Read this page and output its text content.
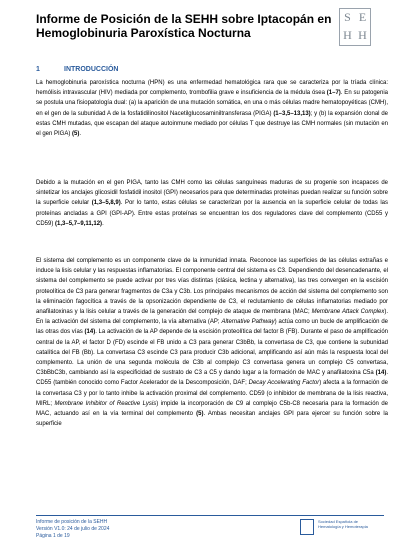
Informe de Posición de la SEHH sobre Iptacopán en Hemoglobinuria Paroxística Nocturna
S E
H H
1	INTRODUCCIÓN
La hemoglobinuria paroxística nocturna (HPN) es una enfermedad hematológica rara que se caracteriza por la tríada clínica: hemólisis intravascular (HIV) mediada por complemento, trombofilia grave e insuficiencia de la médula ósea (1–7). En su patogenia se postula una fisiopatología dual: (a) la aparición de una mutación somática, en una o más células madre hematopoyéticas (CMH), en el gen de la subunidad A de la fosfatidilinositol Nacetilglucosaminiltransferasa (PIGA) (1–3,5–13,13); y (b) la expansión clonal de estas CMH mutadas, que escapan del ataque autoinmune mediado por células T que destruye las CMH normales (sin mutación en el gen PIGA) (5).
Debido a la mutación en el gen PIGA, tanto las CMH como las células sanguíneas maduras de su progenie son incapaces de sintetizar los anclajes glicosidil fosfatidil inositol (GPI) necesarios para que determinadas proteínas puedan realizar su función sobre la superficie celular (1,3–5,8,9). Por lo tanto, estas células se caracterizan por la ausencia en la superficie celular de todas las proteínas ancladas a GPI (GPI-AP). Entre estas proteínas se encuentran los dos reguladores clave del complemento (CD55 y CD59) (1,3–5,7–9,11,12).
El sistema del complemento es un componente clave de la inmunidad innata. Reconoce las superficies de las células extrañas e induce la lisis celular y las respuestas inflamatorias. El componente central del sistema es C3. Dependiendo del desencadenante, el sistema del complemento se puede activar por tres vías distintas (clásica, lectina y alternativa), las tres convergen en la escisión proteolítica de C3 para generar fragmentos de C3a y C3b. Los principales mecanismos de acción del sistema del complemento son la eliminación fagocítica a través de la opsonización dependiente de C3, el reclutamiento de células inflamatorias mediado por anafilatoxinas y la lisis celular a través de la generación del complejo de ataque de membrana (MAC; Membrane Attack Complex). En la activación del sistema del complemento, la vía alternativa (AP; Alternative Pathway) actúa como un bucle de amplificación de las otras dos vías (14). La activación de la AP depende de la escisión proteolítica del factor B (FB). Durante el paso de amplificación central de la AP, el factor D (FD) escinde el FB unido a C3 para generar C3bBb, la convertasa de C3, que contiene la subunidad catalítica del FB (Bb). La convertasa C3 escinde C3 para producir C3b adicional, amplificando así aún más la respuesta local del complemento. La unión de una segunda molécula de C3b al complejo C3 convertasa genera un complejo C5 convertasa, C3bBbC3b, cambiando así la especificidad de sustrato de C3 a C5 y dando lugar a la formación de MAC y anafilatoxina C5a (14). CD55 (también conocido como Factor Acelerador de la Descomposición, DAF; Decay Accelerating Factor) afecta a la formación de la convertasa C3 y por lo tanto inhibe la activación proximal del complemento. CD59 (o inhibidor de membrana de la lisis reactiva, MIRL; Membrane Inhibitor of Reactive Lysis) impide la incorporación de C9 al complejo C5b-C8 necesaria para la formación de MAC, actuando así en la vía terminal del complemento (5). Ambas necesitan anclajes GPI para ejercer su función sobre la superficie
Informe de posición de la SEHH
Versión V1.0: 24 de julio de 2024
Página 1 de 19
Sociedad Española de
Hematología y Hemoterapia
